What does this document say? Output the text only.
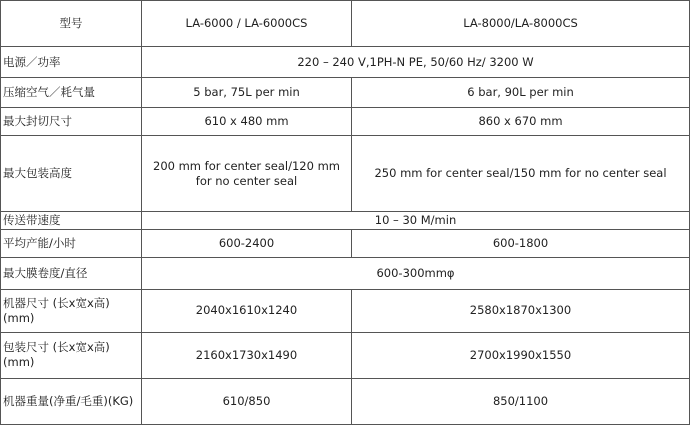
型号	LA-6000 / LA-6000CS	LA-8000/LA-8000CS
电源／功率	220 – 240 V,1PH-N PE, 50/60 Hz/ 3200 W	
压缩空气／耗气量	5 bar, 75L per min	6 bar, 90L per min
最大封切尺寸	610 x 480 mm	860 x 670 mm
最大包装高度	200 mm for center seal/120 mm for no center seal	250 mm for center seal/150 mm for no center seal
传送带速度	10 – 30 M/min	
平均产能/小时	600-2400	600-1800
最大膜卷度/直径	600-300mmφ	
机器尺寸 (长x宽x高)(mm)	2040x1610x1240	2580x1870x1300
包装尺寸 (长x宽x高)(mm)	2160x1730x1490	2700x1990x1550
机器重量(净重/毛重)(KG)	610/850	850/1100
